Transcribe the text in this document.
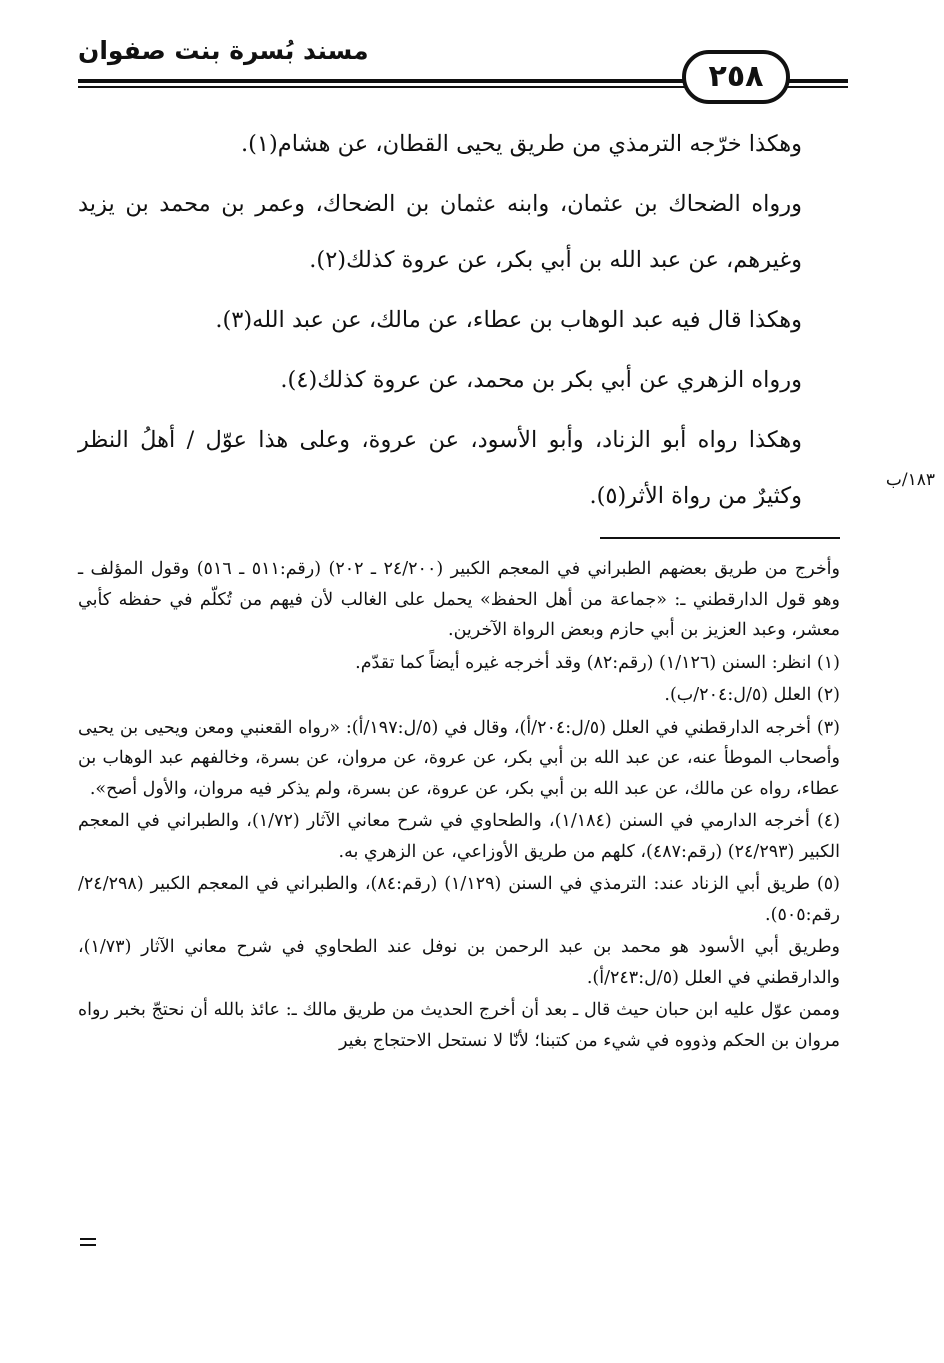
مسند بُسرة بنت صفوان
٢٥٨

وهكذا خرّجه الترمذي من طريق يحيى القطان، عن هشام(١).

ورواه الضحاك بن عثمان، وابنه عثمان بن الضحاك، وعمر بن محمد بن يزيد وغيرهم، عن عبد الله بن أبي بكر، عن عروة كذلك(٢).

وهكذا قال فيه عبد الوهاب بن عطاء، عن مالك، عن عبد الله(٣).

ورواه الزهري عن أبي بكر بن محمد، عن عروة كذلك(٤).

وهكذا رواه أبو الزناد، وأبو الأسود، عن عروة، وعلى هذا عوّل / أهلُ النظر وكثيرٌ من رواة الأثر(٥).

١٨٣/ب

وأخرج من طريق بعضهم الطبراني في المعجم الكبير (٢٤/٢٠٠ ـ ٢٠٢) (رقم:٥١١ ـ ٥١٦) وقول المؤلف ـ وهو قول الدارقطني ـ: «جماعة من أهل الحفظ» يحمل على الغالب لأن فيهم من تُكلّم في حفظه كأبي معشر، وعبد العزيز بن أبي حازم وبعض الرواة الآخرين.

(١) انظر: السنن (١/١٢٦) (رقم:٨٢) وقد أخرجه غيره أيضاً كما تقدّم.

(٢) العلل (٥/ل:٢٠٤/ب).

(٣) أخرجه الدارقطني في العلل (٥/ل:٢٠٤/أ)، وقال في (٥/ل:١٩٧/أ): «رواه القعنبي ومعن ويحيى بن يحيى وأصحاب الموطأ عنه، عن عبد الله بن أبي بكر، عن عروة، عن مروان، عن بسرة، وخالفهم عبد الوهاب بن عطاء، رواه عن مالك، عن عبد الله بن أبي بكر، عن عروة، عن بسرة، ولم يذكر فيه مروان، والأول أصح».

(٤) أخرجه الدارمي في السنن (١/١٨٤)، والطحاوي في شرح معاني الآثار (١/٧٢)، والطبراني في المعجم الكبير (٢٤/٢٩٣) (رقم:٤٨٧)، كلهم من طريق الأوزاعي، عن الزهري به.

(٥) طريق أبي الزناد عند: الترمذي في السنن (١/١٢٩) (رقم:٨٤)، والطبراني في المعجم الكبير (٢٤/٢٩٨/ رقم:٥٠٥).

وطريق أبي الأسود هو محمد بن عبد الرحمن بن نوفل عند الطحاوي في شرح معاني الآثار (١/٧٣)، والدارقطني في العلل (٥/ل:٢٤٣/أ).

وممن عوّل عليه ابن حبان حيث قال ـ بعد أن أخرج الحديث من طريق مالك ـ: عائذ بالله أن نحتجّ بخبر رواه مروان بن الحكم وذووه في شيء من كتبنا؛ لأنّا لا نستحل الاحتجاج بغير
